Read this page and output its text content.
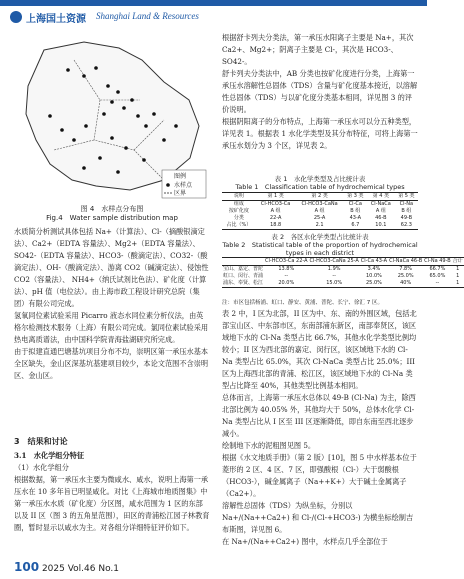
上海国土资源 Shanghai Land & Resources
图例
水样点
区界
图 4　水样点分布图
Fig.4　Water sample distribution map

水质简分析测试具体包括 Na+（计算法）、Cl-（摘酸银滴定法）、Ca2+（EDTA 容量法）、Mg2+（EDTA 容量法）、SO42-（EDTA 容量法）、HCO3-（酸滴定法）、CO32-（酸滴定法）、OH-（酸滴定法）、游离 CO2（碱滴定法）、侵蚀性 CO2（容量法）、 NH4+（纳氏试剂比色法）、矿化度（计算法）、pH 值（电位法）。由上海市政工程设计研究总院（集团）有限公司完成。

氢氧同位素试验采用 Picarro 液态水同位素分析仪法，由英格尔检测技术服务（上海）有限公司完成。氯同位素试验采用热电离质谱法，由中国科学院青海盐湖研究所完成。

由于拟建直通巴塘基坑项目分布不均，崇明区第一承压水基本全区缺失，金山区深基坑基建项目较少，本论文范围不含崇明区、金山区。

3　结果和讨论

3.1　水化学组分特征

（1）水化学组分

根据数据，第一承压水主要为微咸水、咸水，说明上海第一承压水在 10 多年旨已明显咸化。对比《上海城市地质图集》中第一承压水水质（矿化度）分区图，咸水范围为 1 区的东部以及 II 区（图 3 的五角星范围），田区的青浦松江园子林教育圈，暂时显示以咸水为主。对各组分详细特征评价如下。

根据舒卡列夫分类法，第一承压水阳离子主要是 Na+，其次 Ca2+、Mg2+；阴离子主要是 Cl-，其次是 HCO3-、SO42-。

舒卡列夫分类法中，AB 分类也按矿化度进行分类，上海第一承压水溶解性总固体（TDS）含量与矿化度基本接近，以溶解性总固体（TDS）与以矿化度分类基本相同，详见图 3 的评价说明。

根据阴阳离子的分布特点，上海第一承压水可以分五种类型，详见表 1。根据表 1 水化学类型及其分布特征，可将上海第一承压水划分为 3 个区，详见表 2。

表 1　水化学类型及占比统计表
Table 1　Classification table of hydrochemical types
说明	第 1 类	第 2 类	第 3 类	第 4 类	第 5 类
组成	Cl-HCO3-Ca	Cl-HCO3-CaNa	Cl-Ca	Cl-NaCa	Cl-Na
按矿化度	A 组	A 组	B 组	A 组	B 组
分类	22-A	25-A	43-A	46-B	49-B
占比（%）	18.8	2.1	6.7	10.1	62.3
表 2　各区水化学类型占比统计表
Table 2　Statistical table of the proportion of hydrochemical types in each district
	Cl-HCO3-Ca 22-A	Cl-HCO3-CaNa 25-A	Cl-Ca 43-A	Cl-NaCa 46-B	Cl-Na 49-B	合计
宝山、嘉定、普陀	13.8%	1.9%	3.4%	7.8%	66.7%	1
虹口、闵行、青浦	--	--	10.0%	25.0%	65.0%	1
浦东、奉贤、松江	20.0%	15.0%	25.0%	40%	--	1
注：市区包括杨浦、虹口、静安、黄浦、普陀、长宁、徐汇 7 区。

表 2 中，I 区为北部，II 区为中、东、南的外围区域，包括北部宝山区、中东部市区，东南部浦东新区，南部奉贤区，该区域地下水的 Cl-Na 类型占比 66.7%，其他水化学类型比例均较小；II 区为西北部的嘉定、闵行区，该区域地下水的 Cl-Na 类型占比 65.0%，其次 Cl-NaCa 类型占比 25.0%；III 区为上海西北部的青浦、松江区，该区域地下水的 Cl-Na 类型占比降至 40%，其他类型比例基本相同。

总体而言，上海第一承压水总体以 49-B (Cl-Na) 为主，除西北部比例为 40.05% 外，其他均大于 50%，总体水化学 Cl-Na 类型占比从 I 区至 III 区逐渐降低，即自东南至西北逐步减小。

绘制地下水的泥粗图见图 5。

根据《水文地质手册》（第 2 版）[10]，图 5 中水样基本位于菱形的 2 区、4 区、7 区，即强酸根（Cl-）大于弱酸根（HCO3-），碱金属离子（Na++K+）大于碱土金属离子（Ca2+）。

溶解性总固体（TDS）为纵坐标，分别以 Na+/(Na++Ca2+) 和 Cl-/(Cl-+HCO3-) 为横坐标绘制吉布斯图，详见图 6。

在 Na+/(Na++Ca2+) 图中，水样点几乎全部位于

100 2025 Vol.46 No.1
